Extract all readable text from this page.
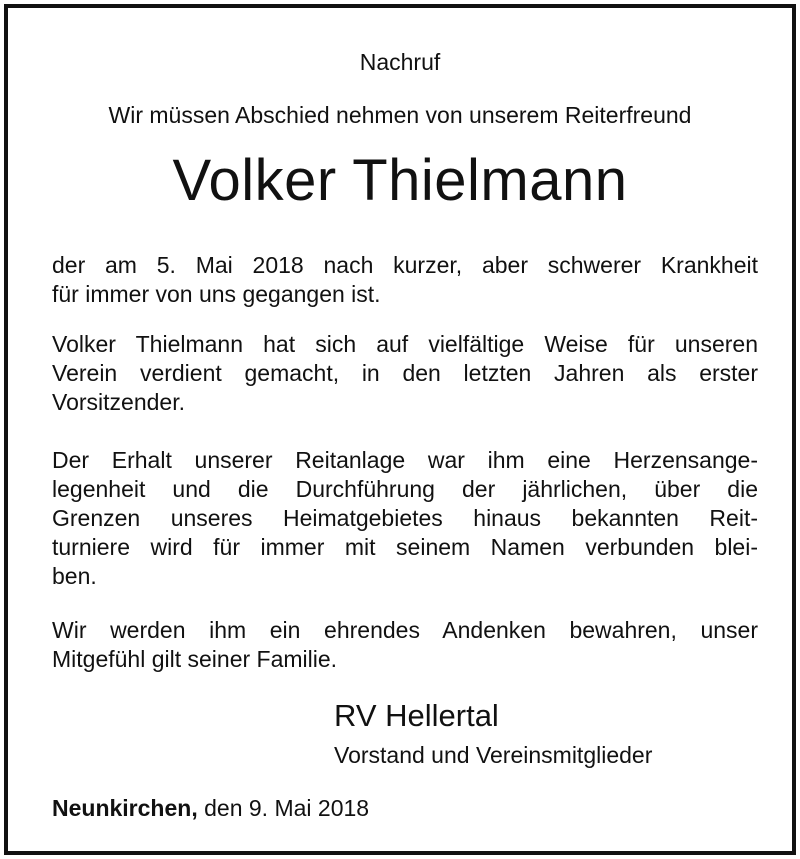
Nachruf
Wir müssen Abschied nehmen von unserem Reiterfreund
Volker Thielmann
der am 5. Mai 2018 nach kurzer, aber schwerer Krankheit
für immer von uns gegangen ist.
Volker Thielmann hat sich auf vielfältige Weise für unseren
Verein verdient gemacht, in den letzten Jahren als erster
Vorsitzender.
Der Erhalt unserer Reitanlage war ihm eine Herzensange-
legenheit und die Durchführung der jährlichen, über die
Grenzen unseres Heimatgebietes hinaus bekannten Reit-
turniere wird für immer mit seinem Namen verbunden blei-
ben.
Wir werden ihm ein ehrendes Andenken bewahren, unser
Mitgefühl gilt seiner Familie.
RV Hellertal
Vorstand und Vereinsmitglieder
Neunkirchen, den 9. Mai 2018
